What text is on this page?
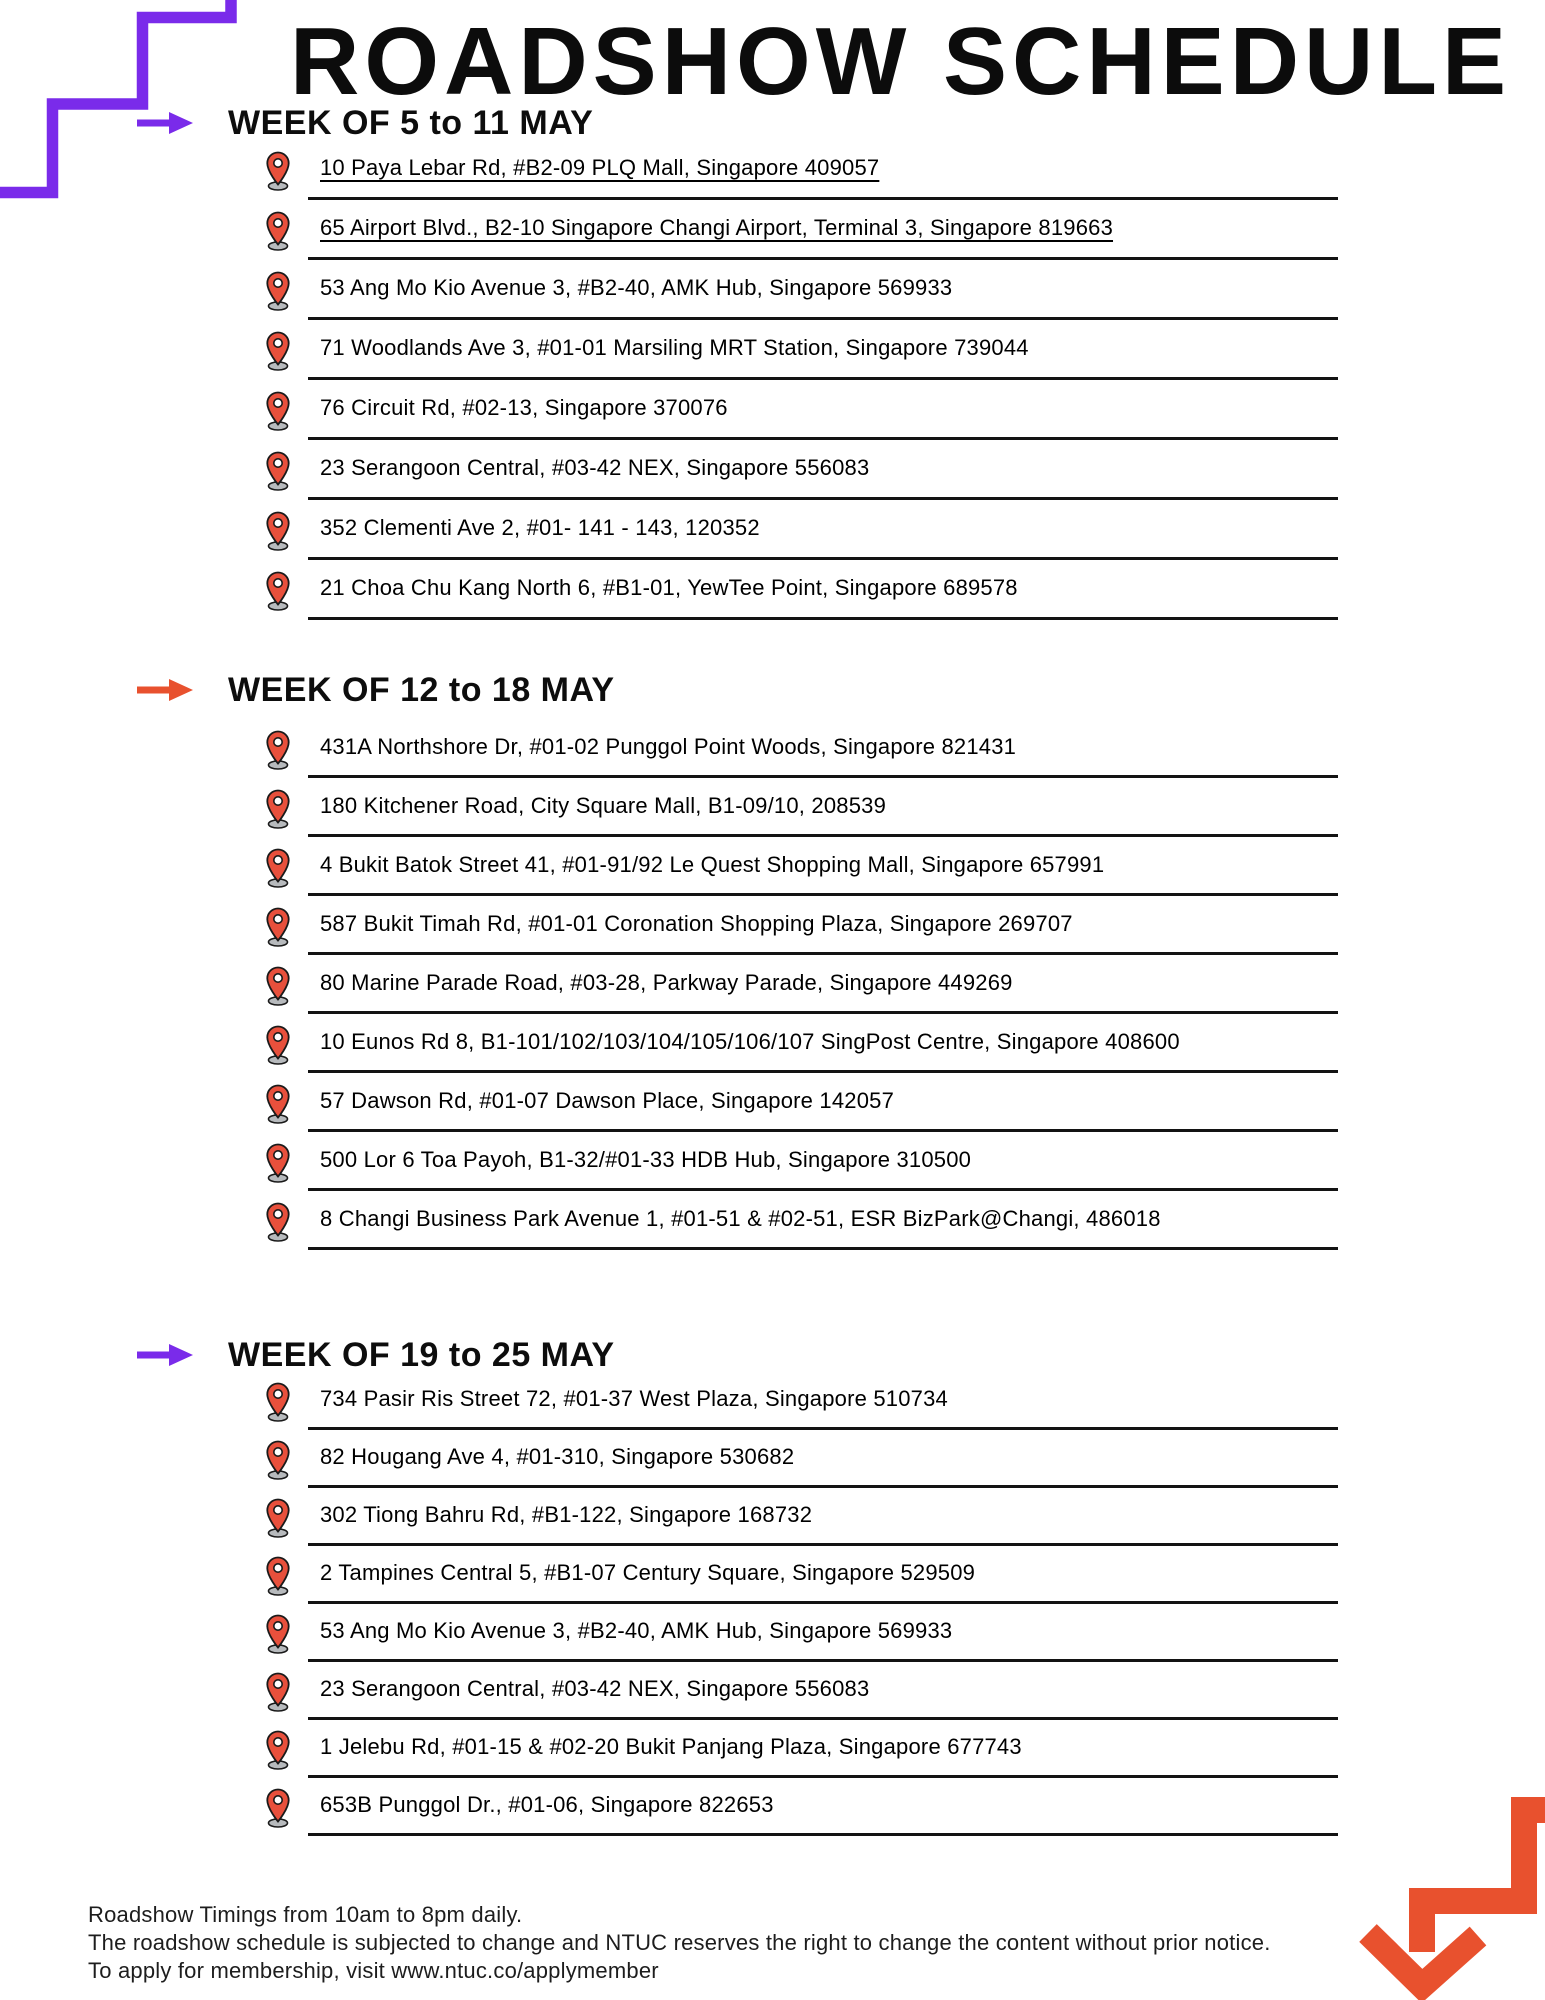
ROADSHOW SCHEDULE
WEEK OF 5 to 11 MAY
10 Paya Lebar Rd, #B2-09 PLQ Mall, Singapore 409057
65 Airport Blvd., B2-10 Singapore Changi Airport, Terminal 3, Singapore 819663
53 Ang Mo Kio Avenue 3, #B2-40, AMK Hub, Singapore 569933
71 Woodlands Ave 3, #01-01 Marsiling MRT Station, Singapore 739044
76 Circuit Rd, #02-13, Singapore 370076
23 Serangoon Central, #03-42 NEX, Singapore 556083
352 Clementi Ave 2, #01- 141 - 143, 120352
21 Choa Chu Kang North 6, #B1-01, YewTee Point, Singapore 689578
WEEK OF 12 to 18 MAY
431A Northshore Dr, #01-02 Punggol Point Woods, Singapore 821431
180 Kitchener Road, City Square Mall, B1-09/10, 208539
4 Bukit Batok Street 41, #01-91/92 Le Quest Shopping Mall, Singapore 657991
587 Bukit Timah Rd, #01-01 Coronation Shopping Plaza, Singapore 269707
80 Marine Parade Road, #03-28, Parkway Parade, Singapore 449269
10 Eunos Rd 8, B1-101/102/103/104/105/106/107 SingPost Centre, Singapore 408600
57 Dawson Rd, #01-07 Dawson Place, Singapore 142057
500 Lor 6 Toa Payoh, B1-32/#01-33 HDB Hub, Singapore 310500
8 Changi Business Park Avenue 1, #01-51 & #02-51, ESR BizPark@Changi, 486018
WEEK OF 19 to 25 MAY
734 Pasir Ris Street 72, #01-37 West Plaza, Singapore 510734
82 Hougang Ave 4, #01-310, Singapore 530682
302 Tiong Bahru Rd, #B1-122, Singapore 168732
2 Tampines Central 5, #B1-07 Century Square, Singapore 529509
53 Ang Mo Kio Avenue 3, #B2-40, AMK Hub, Singapore 569933
23 Serangoon Central, #03-42 NEX, Singapore 556083
1 Jelebu Rd, #01-15 & #02-20 Bukit Panjang Plaza, Singapore 677743
653B Punggol Dr., #01-06, Singapore 822653

Roadshow Timings from 10am to 8pm daily.

The roadshow schedule is subjected to change and NTUC reserves the right to change the content without prior notice.

To apply for membership, visit www.ntuc.co/applymember
